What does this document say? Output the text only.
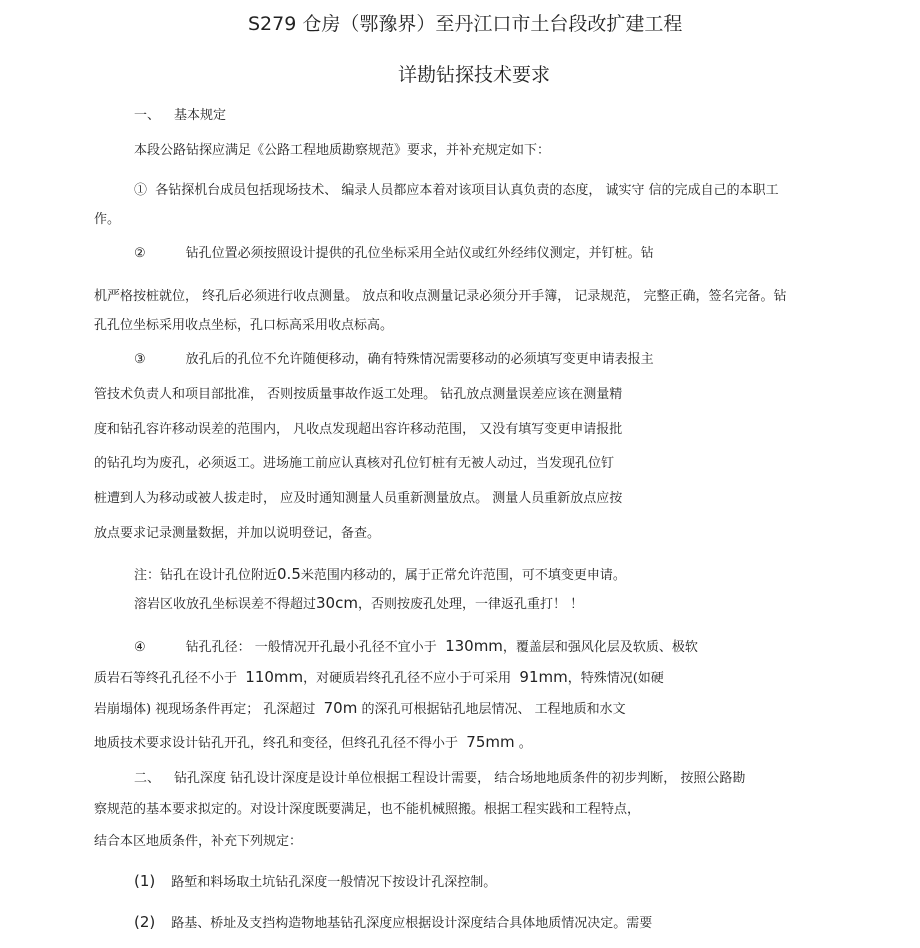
S279 仓房（鄂豫界）至丹江口市土台段改扩建工程
详勘钻探技术要求
一、 基本规定
本段公路钻探应满足《公路工程地质勘察规范》要求，并补充规定如下：
① 各钻探机台成员包括现场技术、 编录人员都应本着对该项目认真负责的态度， 诚实守 信的完成自己的本职工
作。
②	钻孔位置必须按照设计提供的孔位坐标采用全站仪或红外经纬仪测定，并钉桩。钻
机严格按桩就位， 终孔后必须进行收点测量。 放点和收点测量记录必须分开手簿， 记录规范， 完整正确，签名完备。钻
孔孔位坐标采用收点坐标，孔口标高采用收点标高。
③	放孔后的孔位不允许随便移动，确有特殊情况需要移动的必须填写变更申请表报主
管技术负责人和项目部批准， 否则按质量事故作返工处理。 钻孔放点测量误差应该在测量精
度和钻孔容许移动误差的范围内， 凡收点发现超出容许移动范围， 又没有填写变更申请报批
的钻孔均为废孔，必须返工。进场施工前应认真核对孔位钉桩有无被人动过，当发现孔位钉
桩遭到人为移动或被人拔走时， 应及时通知测量人员重新测量放点。 测量人员重新放点应按
放点要求记录测量数据，并加以说明登记，备查。
注：钻孔在设计孔位附近0.5米范围内移动的，属于正常允许范围，可不填变更申请。
溶岩区收放孔坐标误差不得超过30cm，否则按废孔处理，一律返孔重打！ ！
④	钻孔孔径： 一般情况开孔最小孔径不宜小于 130mm，覆盖层和强风化层及软质、极软
质岩石等终孔孔径不小于 110mm，对硬质岩终孔孔径不应小于可采用 91mm，特殊情况(如硬
岩崩塌体) 视现场条件再定； 孔深超过 70m 的深孔可根据钻孔地层情况、 工程地质和水文
地质技术要求设计钻孔开孔，终孔和变径，但终孔孔径不得小于 75mm 。
二、 钻孔深度 钻孔设计深度是设计单位根据工程设计需要， 结合场地地质条件的初步判断， 按照公路勘
察规范的基本要求拟定的。对设计深度既要满足，也不能机械照搬。根据工程实践和工程特点，
结合本区地质条件，补充下列规定：
(1) 路堑和料场取土坑钻孔深度一般情况下按设计孔深控制。
(2) 路基、桥址及支挡构造物地基钻孔深度应根据设计深度结合具体地质情况决定。需要
